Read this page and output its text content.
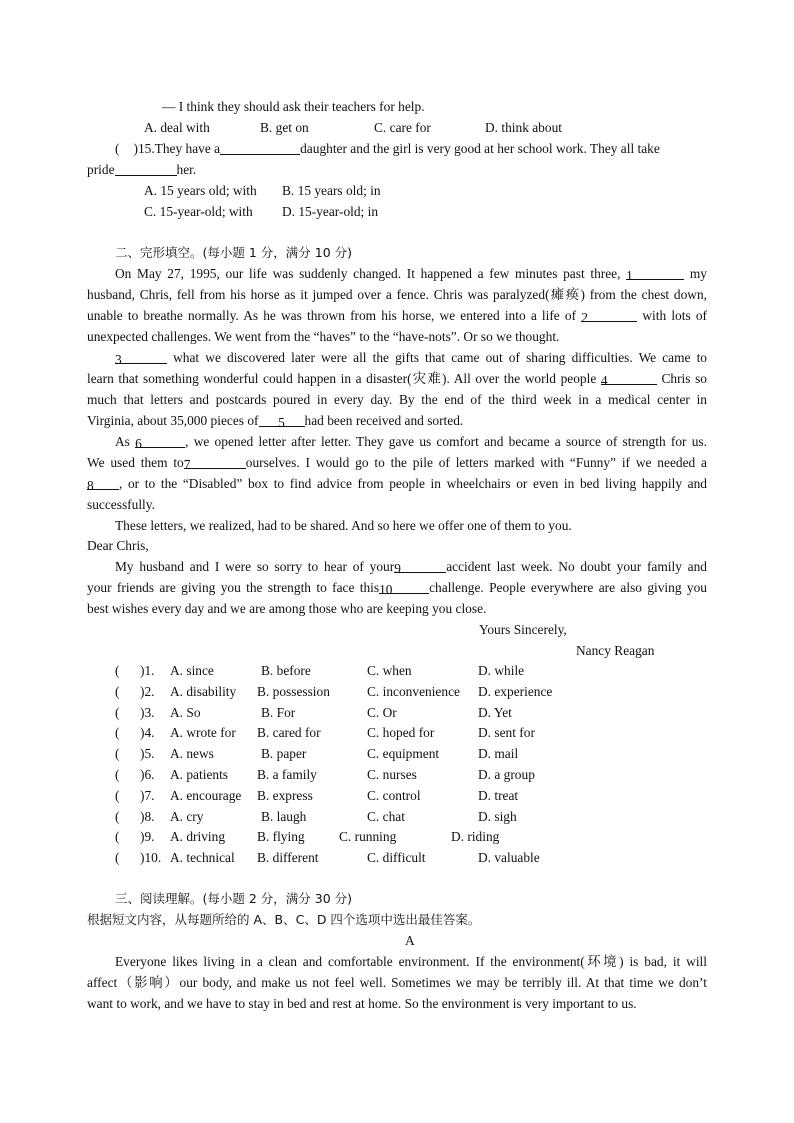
— I think they should ask their teachers for help.
A. deal with	B. get on	C. care for	D. think about
( )15.They have a	daughter and the girl is very good at her school work. They all take
pride	her.
A. 15 years old; with B. 15 years old; in
C. 15-year-old; with D. 15-year-old; in
二、完形填空。(每小题 1 分，满分 10 分)
On May 27, 1995, our life was suddenly changed. It happened a few minutes past three, 1	my
husband, Chris, fell from his horse as it jumped over a fence. Chris was paralyzed(瘫痪) from the chest down,
unable to breathe normally. As he was thrown from his horse, we entered into a life of 2	with lots of
unexpected challenges. We went from the “haves” to the “have-nots”. Or so we thought.
3	what we discovered later were all the gifts that came out of sharing difficulties. We came to
learn that something wonderful could happen in a disaster(灾难). All over the world people 4	Chris so
much that letters and postcards poured in every day. By the end of the third week in a medical center in
Virginia, about 35,000 pieces of 5 had been received and sorted.
As 6	, we opened letter after letter. They gave us comfort and became a source of strength for us.
We used them to7	ourselves. I would go to the pile of letters marked with “Funny” if we needed a
8 , or to the “Disabled” box to find advice from people in wheelchairs or even in bed living happily and
successfully.
These letters, we realized, had to be shared. And so here we offer one of them to you.
Dear Chris,
My husband and I were so sorry to hear of your9	accident last week. No doubt your family and
your friends are giving you the strength to face this10	challenge. People everywhere are also giving you
best wishes every day and we are among those who are keeping you close.
Yours Sincerely,
Nancy Reagan
( )1. A. since	B. before	C. when	D. while
( )2. A. disability B. possession	C. inconvenience D. experience
( )3. A. So	B. For	C. Or	D. Yet
( )4. A. wrote for B. cared for	C. hoped for	D. sent for
( )5. A. news	B. paper	C. equipment	D. mail
( )6. A. patients B. a family	C. nurses	D. a group
( )7. A. encourage B. express	C. control	D. treat
( )8. A. cry	B. laugh	C. chat	D. sigh
( )9. A. driving B. flying	C. running	D. riding
( )10. A. technical B. different	C. difficult	D. valuable
三、阅读理解。(每小题 2 分，满分 30 分)
根据短文内容，从每题所给的 A、B、C、D 四个选项中选出最佳答案。
A
Everyone likes living in a clean and comfortable environment. If the environment(环境) is bad, it will
affect（影响）our body, and make us not feel well. Sometimes we may be terribly ill. At that time we don’t
want to work, and we have to stay in bed and rest at home. So the environment is very important to us.
